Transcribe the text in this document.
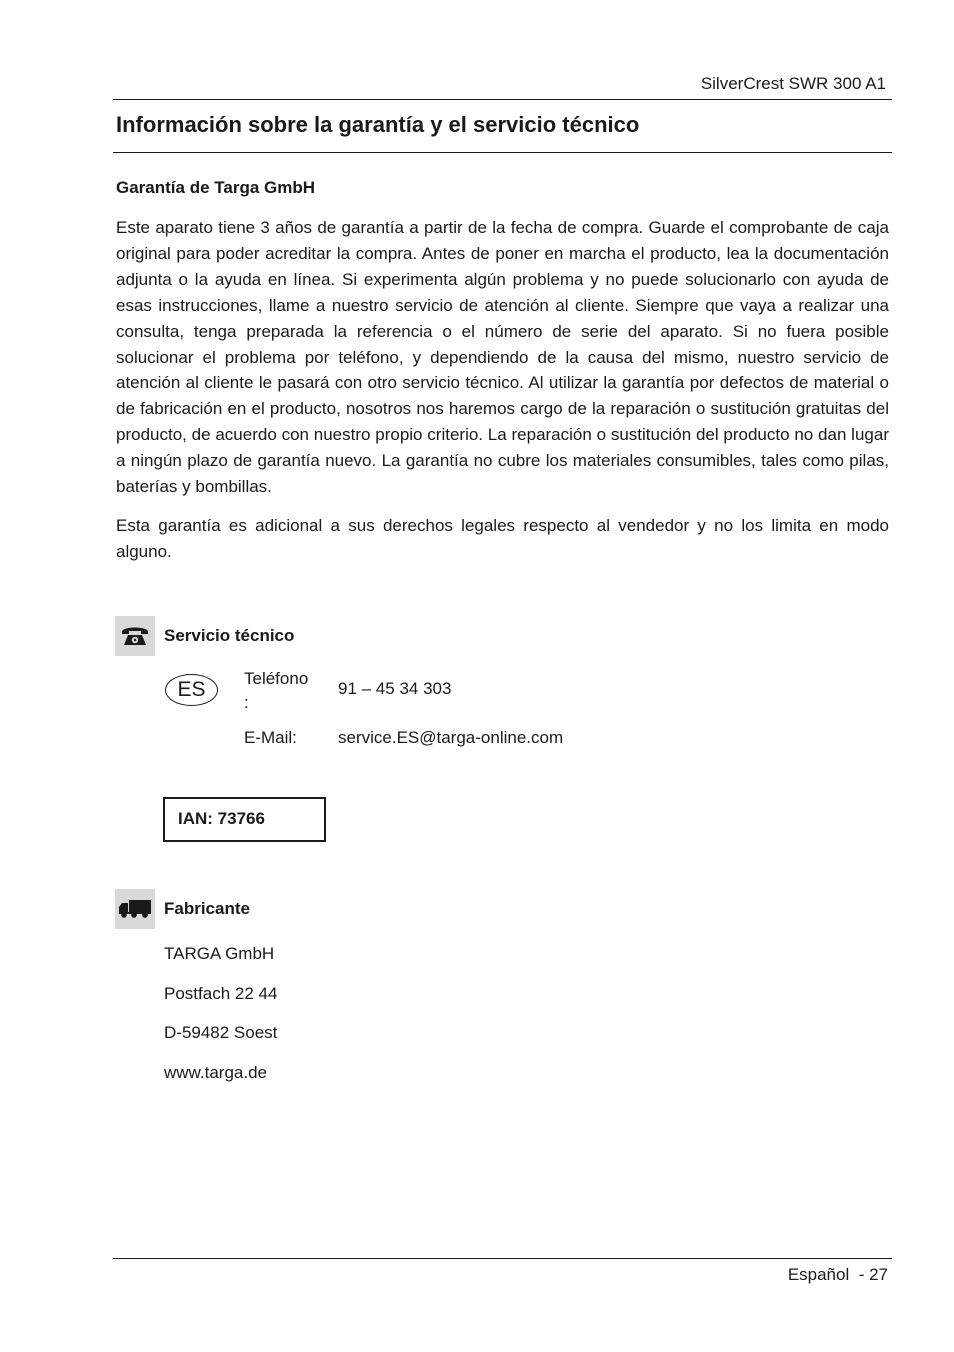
SilverCrest SWR 300 A1
Información sobre la garantía y el servicio técnico
Garantía de Targa GmbH

Este aparato tiene 3 años de garantía a partir de la fecha de compra. Guarde el comprobante de caja original para poder acreditar la compra. Antes de poner en marcha el producto, lea la documentación adjunta o la ayuda en línea. Si experimenta algún problema y no puede solucionarlo con ayuda de esas instrucciones, llame a nuestro servicio de atención al cliente. Siempre que vaya a realizar una consulta, tenga preparada la referencia o el número de serie del aparato. Si no fuera posible solucionar el problema por teléfono, y dependiendo de la causa del mismo, nuestro servicio de atención al cliente le pasará con otro servicio técnico. Al utilizar la garantía por defectos de material o de fabricación en el producto, nosotros nos haremos cargo de la reparación o sustitución gratuitas del producto, de acuerdo con nuestro propio criterio. La reparación o sustitución del producto no dan lugar a ningún plazo de garantía nuevo. La garantía no cubre los materiales consumibles, tales como pilas, baterías y bombillas.

Esta garantía es adicional a sus derechos legales respecto al vendedor y no los limita en modo alguno.

Servicio técnico
ES	Teléfono
:
91 – 45 34 303
E-Mail: service.ES@targa-online.com
IAN: 73766
Fabricante
TARGA GmbH
Postfach 22 44
D-59482 Soest
www.targa.de
Español  - 27
